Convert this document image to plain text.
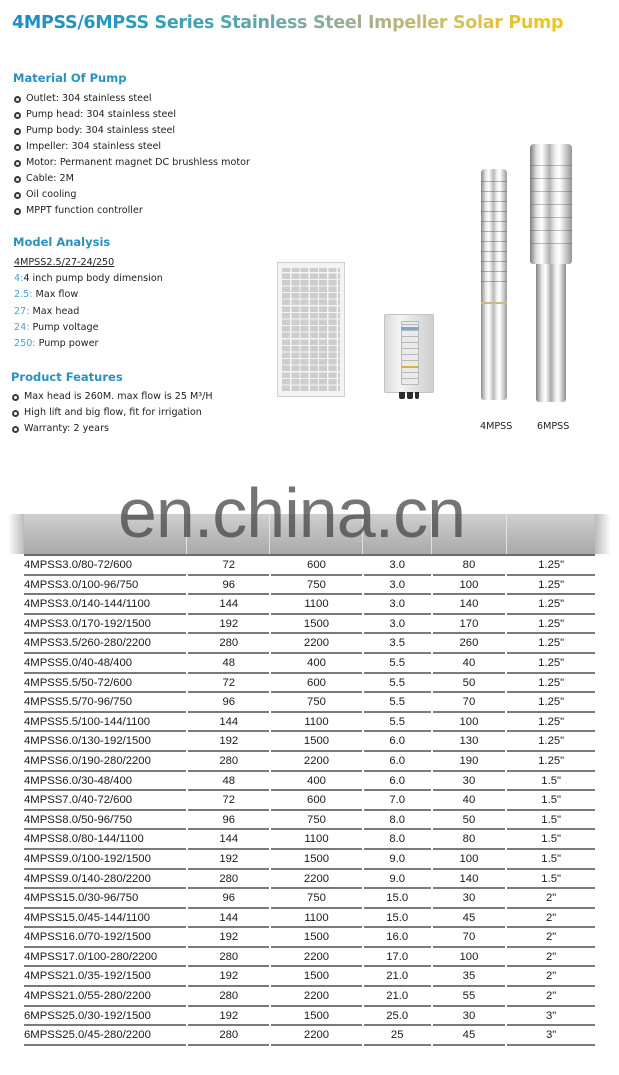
4MPSS/6MPSS Series Stainless Steel Impeller Solar Pump
Material Of Pump
Outlet: 304 stainless steel
Pump head: 304 stainless steel
Pump body: 304 stainless steel
Impeller: 304 stainless steel
Motor: Permanent magnet DC brushless motor
Cable: 2M
Oil cooling
MPPT function controller
Model Analysis
4MPSS2.5/27-24/250
4:4 inch pump body dimension
2.5: Max flow
27: Max head
24: Pump voltage
250: Pump power
Product Features
Max head is 260M. max flow is 25 M³/H
High lift and big flow, fit for irrigation
Warranty: 2 years	4MPSS	6MPSS
4MPSS3.0/80-72/600	72	600	3.0	80	1.25"
4MPSS3.0/100-96/750	96	750	3.0	100	1.25"
4MPSS3.0/140-144/1100	144	1100	3.0	140	1.25"
4MPSS3.0/170-192/1500	192	1500	3.0	170	1.25"
4MPSS3.5/260-280/2200	280	2200	3.5	260	1.25"
4MPSS5.0/40-48/400	48	400	5.5	40	1.25"
4MPSS5.5/50-72/600	72	600	5.5	50	1.25"
4MPSS5.5/70-96/750	96	750	5.5	70	1.25"
4MPSS5.5/100-144/1100	144	1100	5.5	100	1.25"
4MPSS6.0/130-192/1500	192	1500	6.0	130	1.25"
4MPSS6.0/190-280/2200	280	2200	6.0	190	1.25"
4MPSS6.0/30-48/400	48	400	6.0	30	1.5"
4MPSS7.0/40-72/600	72	600	7.0	40	1.5"
4MPSS8.0/50-96/750	96	750	8.0	50	1.5"
4MPSS8.0/80-144/1100	144	1100	8.0	80	1.5"
4MPSS9.0/100-192/1500	192	1500	9.0	100	1.5"
4MPSS9.0/140-280/2200	280	2200	9.0	140	1.5"
4MPSS15.0/30-96/750	96	750	15.0	30	2"
4MPSS15.0/45-144/1100	144	1100	15.0	45	2"
4MPSS16.0/70-192/1500	192	1500	16.0	70	2"
4MPSS17.0/100-280/2200	280	2200	17.0	100	2"
4MPSS21.0/35-192/1500	192	1500	21.0	35	2"
4MPSS21.0/55-280/2200	280	2200	21.0	55	2"
6MPSS25.0/30-192/1500	192	1500	25.0	30	3"
6MPSS25.0/45-280/2200	280	2200	25	45	3"
en.china.cn
